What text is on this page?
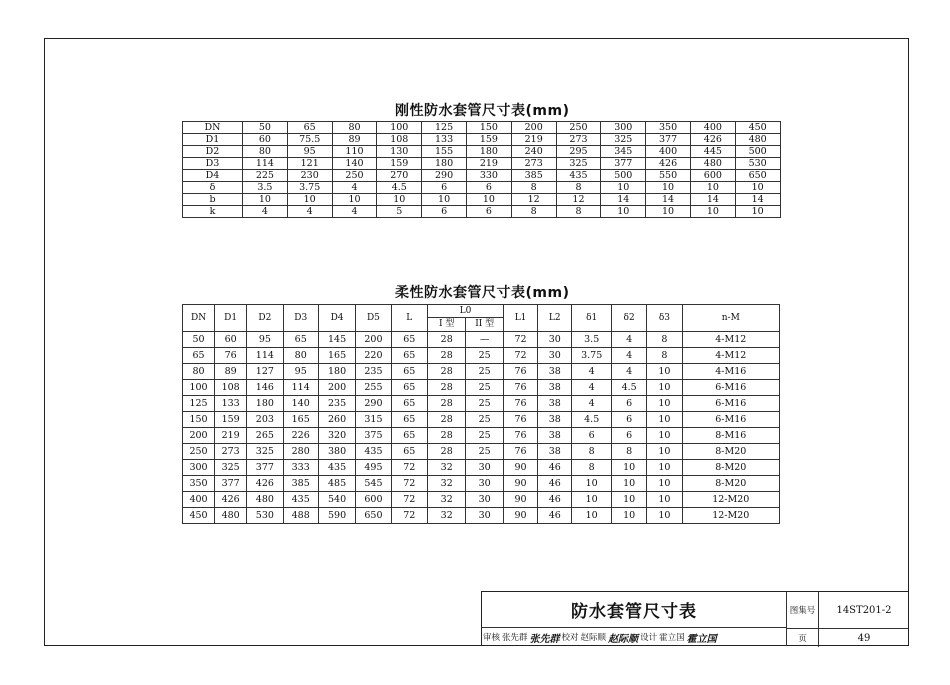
刚性防水套管尺寸表(mm)
DN	50	65	80	100	125	150	200	250	300	350	400	450
D1	60	75.5	89	108	133	159	219	273	325	377	426	480
D2	80	95	110	130	155	180	240	295	345	400	445	500
D3	114	121	140	159	180	219	273	325	377	426	480	530
D4	225	230	250	270	290	330	385	435	500	550	600	650
δ	3.5	3.75	4	4.5	6	6	8	8	10	10	10	10
b	10	10	10	10	10	10	12	12	14	14	14	14
k	4	4	4	5	6	6	8	8	10	10	10	10
柔性防水套管尺寸表(mm)
DN	D1	D2	D3	D4	D5	L	L0		L1	L2	δ1	δ2	δ3	n-M
							I 型	II 型						
50	60	95	65	145	200	65	28	—	72	30	3.5	4	8	4-M12
65	76	114	80	165	220	65	28	25	72	30	3.75	4	8	4-M12
80	89	127	95	180	235	65	28	25	76	38	4	4	10	4-M16
100	108	146	114	200	255	65	28	25	76	38	4	4.5	10	6-M16
125	133	180	140	235	290	65	28	25	76	38	4	6	10	6-M16
150	159	203	165	260	315	65	28	25	76	38	4.5	6	10	6-M16
200	219	265	226	320	375	65	28	25	76	38	6	6	10	8-M16
250	273	325	280	380	435	65	28	25	76	38	8	8	10	8-M20
300	325	377	333	435	495	72	32	30	90	46	8	10	10	8-M20
350	377	426	385	485	545	72	32	30	90	46	10	10	10	8-M20
400	426	480	435	540	600	72	32	30	90	46	10	10	10	12-M20
450	480	530	488	590	650	72	32	30	90	46	10	10	10	12-M20
防水套管尺寸表
审核 张先群 张先群 校对 赵际顺 赵际顺 设计 霍立国 霍立国
图集号	14ST201-2
页	49
